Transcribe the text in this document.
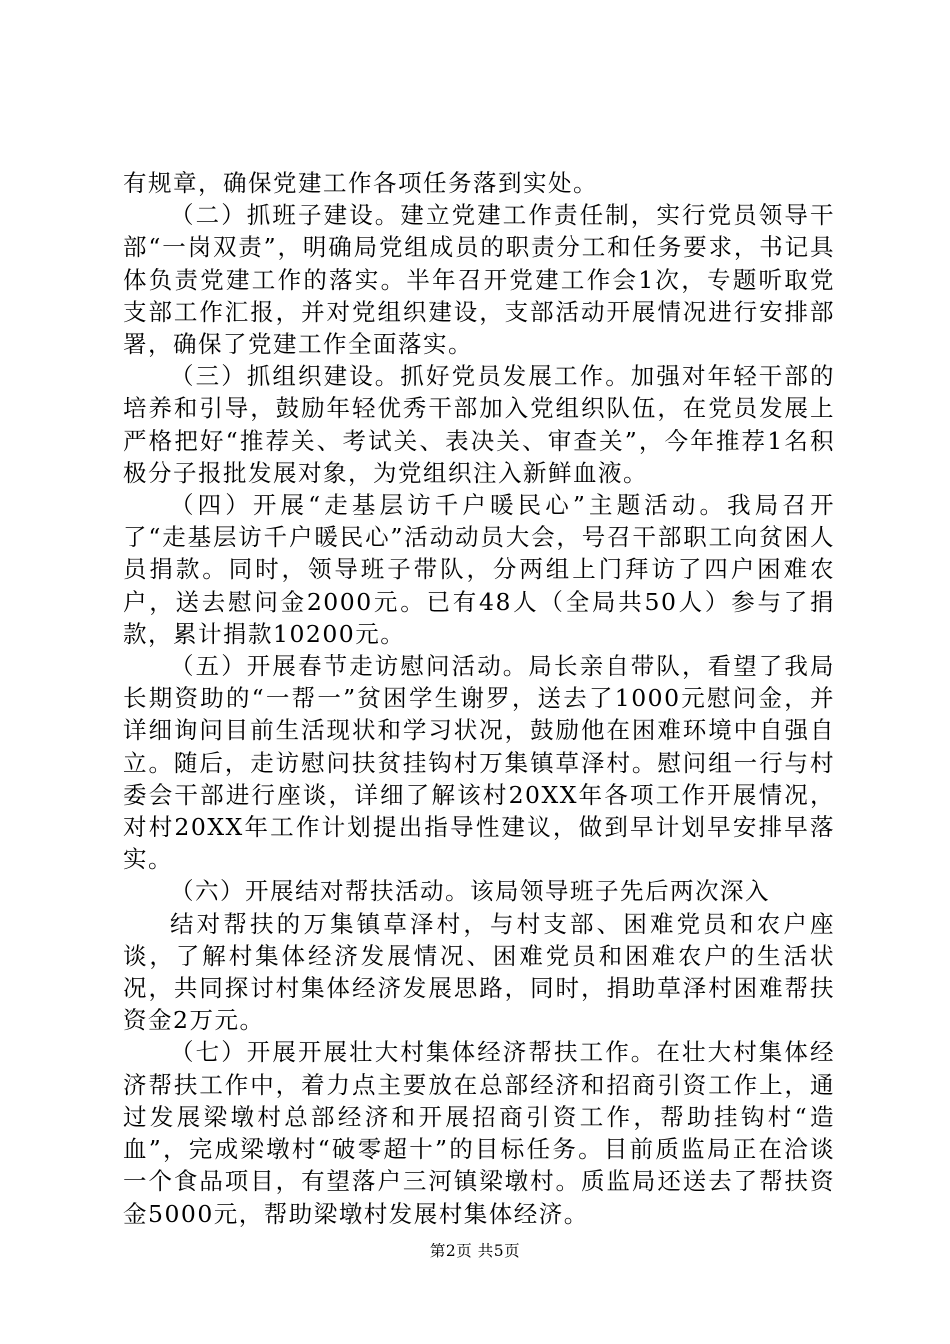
有规章，确保党建工作各项任务落到实处。

（二）抓班子建设。建立党建工作责任制，实行党员领导干部“一岗双责”，明确局党组成员的职责分工和任务要求，书记具体负责党建工作的落实。半年召开党建工作会1次，专题听取党支部工作汇报，并对党组织建设，支部活动开展情况进行安排部署，确保了党建工作全面落实。

（三）抓组织建设。抓好党员发展工作。加强对年轻干部的培养和引导，鼓励年轻优秀干部加入党组织队伍，在党员发展上严格把好“推荐关、考试关、表决关、审查关”，今年推荐1名积极分子报批发展对象，为党组织注入新鲜血液。

（四）开展“走基层访千户暖民心”主题活动。我局召开了“走基层访千户暖民心”活动动员大会，号召干部职工向贫困人员捐款。同时，领导班子带队，分两组上门拜访了四户困难农户，送去慰问金2000元。已有48人（全局共50人）参与了捐款，累计捐款10200元。

（五）开展春节走访慰问活动。局长亲自带队，看望了我局长期资助的“一帮一”贫困学生谢罗，送去了1000元慰问金，并详细询问目前生活现状和学习状况，鼓励他在困难环境中自强自立。随后，走访慰问扶贫挂钩村万集镇草泽村。慰问组一行与村委会干部进行座谈，详细了解该村20XX年各项工作开展情况，对村20XX年工作计划提出指导性建议，做到早计划早安排早落实。

（六）开展结对帮扶活动。该局领导班子先后两次深入

结对帮扶的万集镇草泽村，与村支部、困难党员和农户座谈，了解村集体经济发展情况、困难党员和困难农户的生活状况，共同探讨村集体经济发展思路，同时，捐助草泽村困难帮扶资金2万元。

（七）开展开展壮大村集体经济帮扶工作。在壮大村集体经济帮扶工作中，着力点主要放在总部经济和招商引资工作上，通过发展梁墩村总部经济和开展招商引资工作，帮助挂钩村“造血”，完成梁墩村“破零超十”的目标任务。目前质监局正在洽谈一个食品项目，有望落户三河镇梁墩村。质监局还送去了帮扶资金5000元，帮助梁墩村发展村集体经济。

第2页 共5页
